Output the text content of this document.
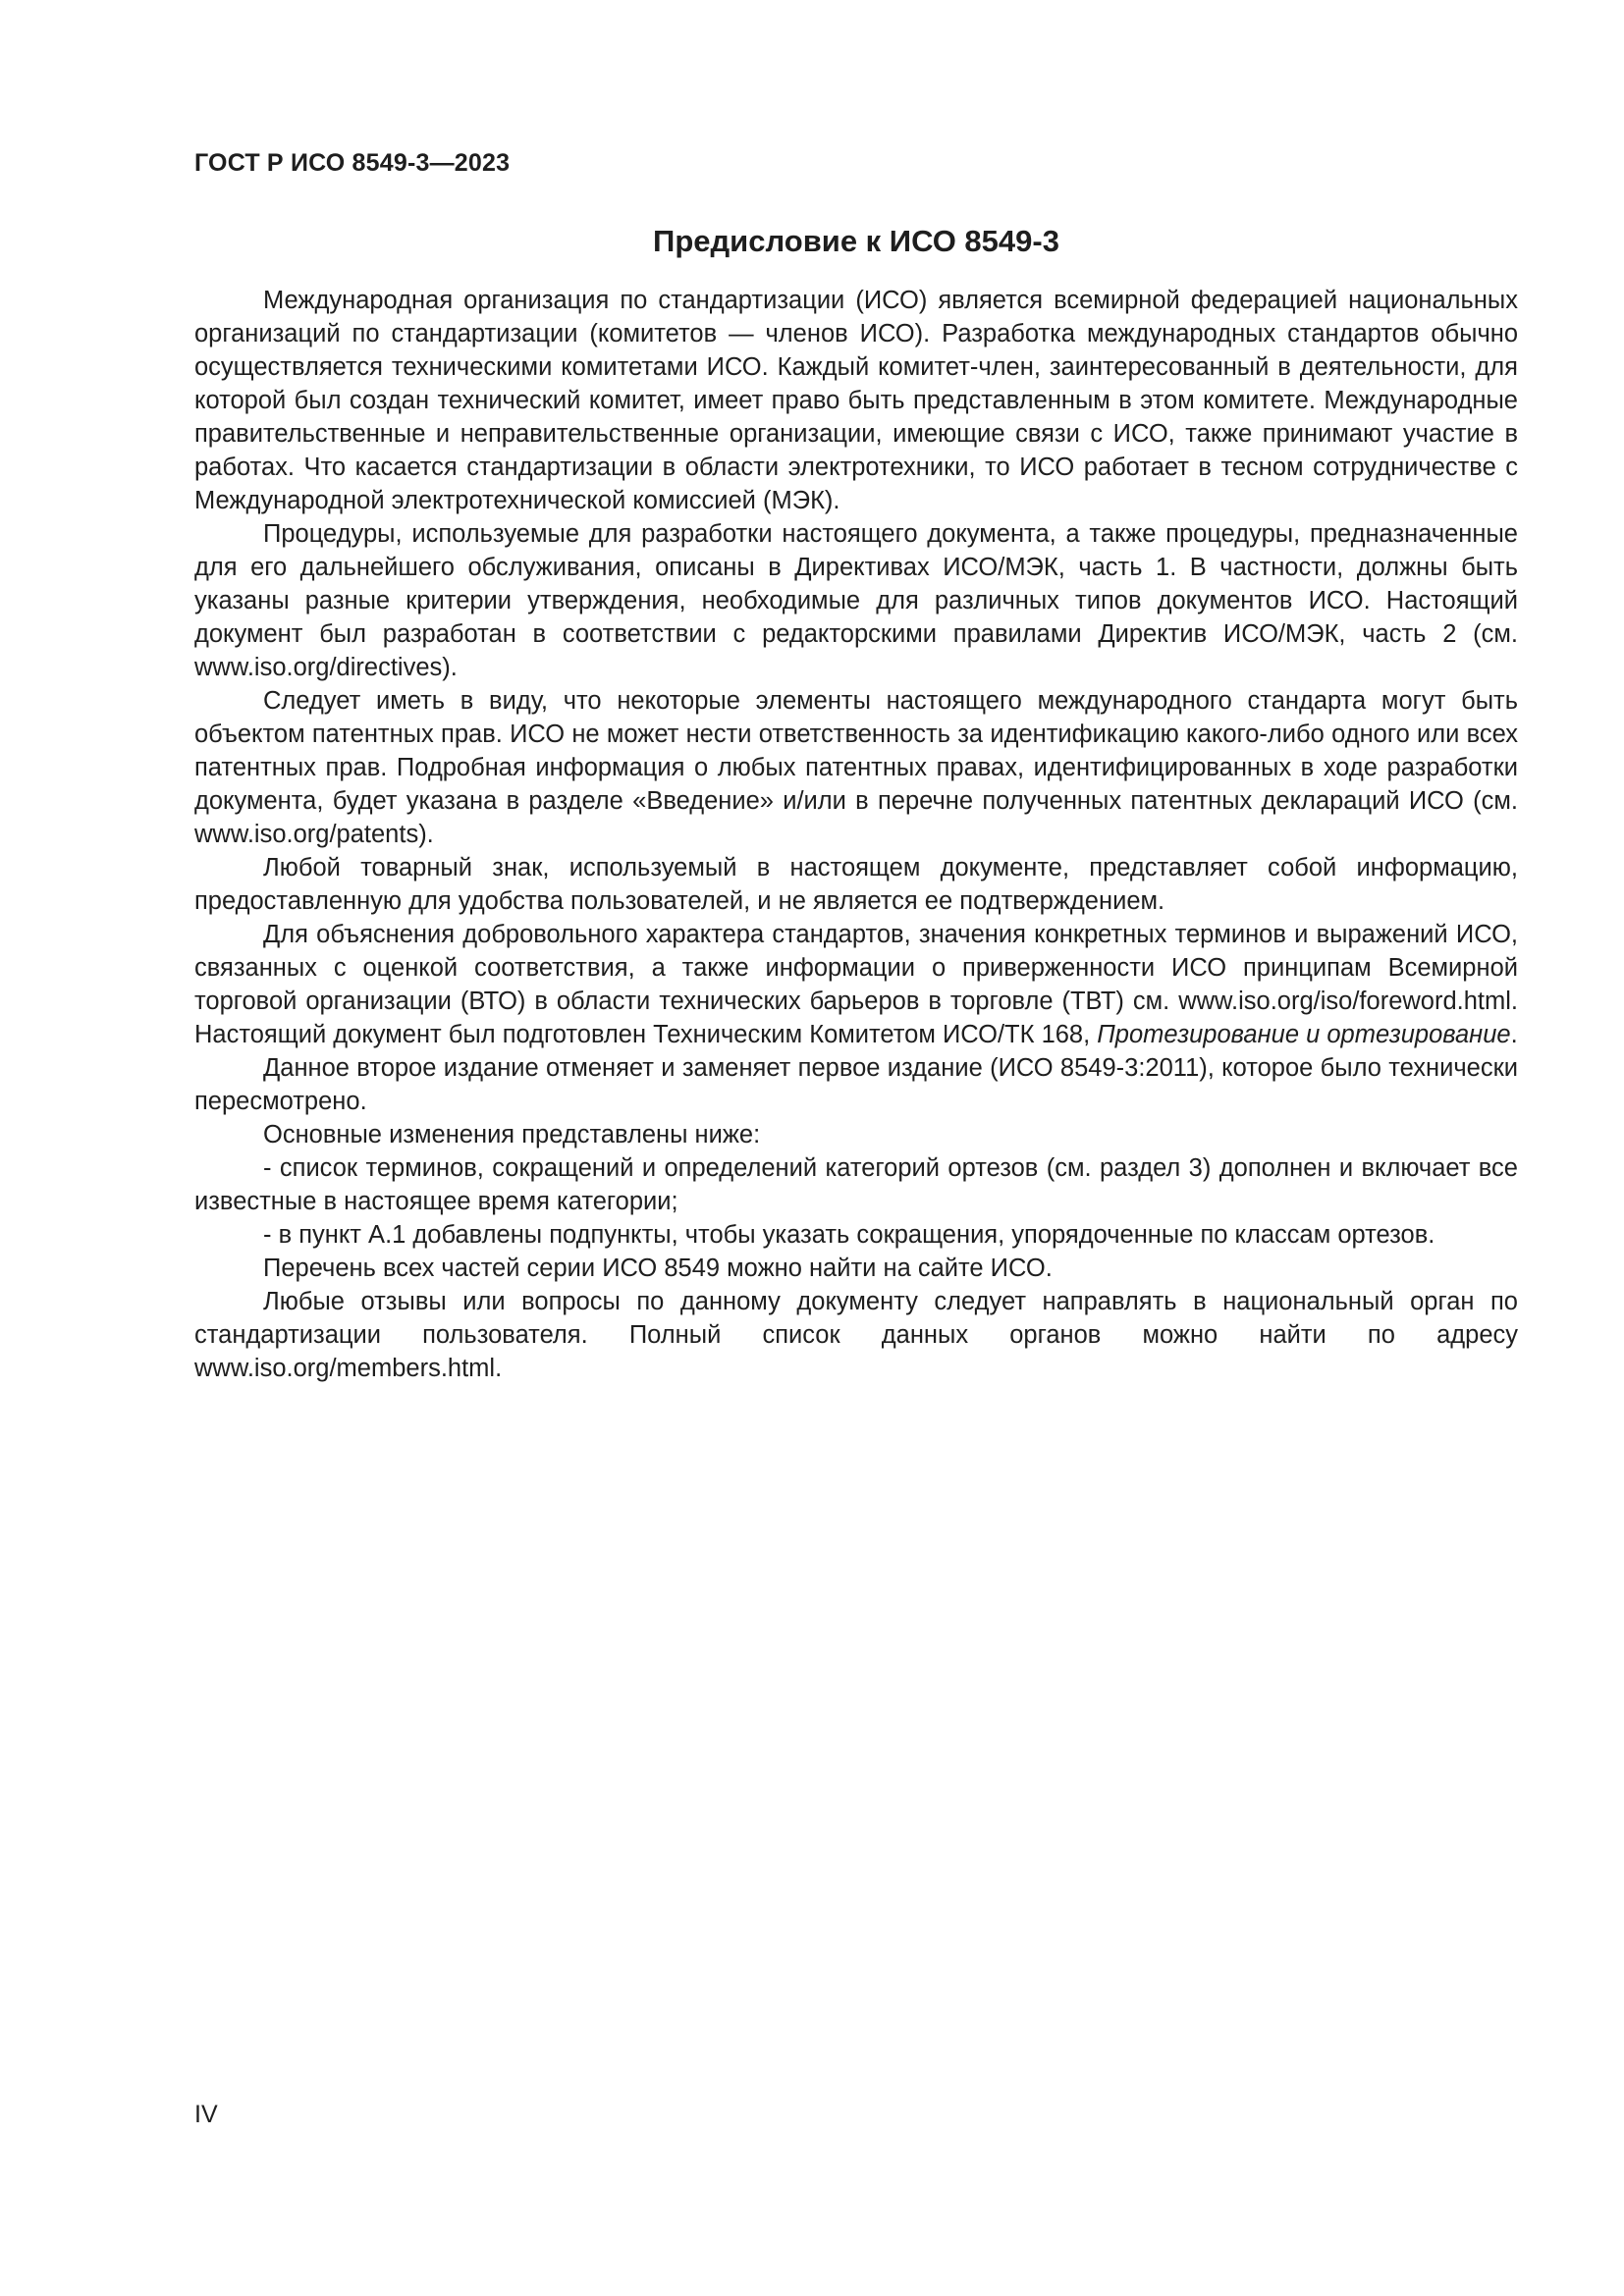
ГОСТ Р ИСО 8549-3—2023
Предисловие к ИСО 8549-3

Международная организация по стандартизации (ИСО) является всемирной федерацией национальных организаций по стандартизации (комитетов — членов ИСО). Разработка международных стандартов обычно осуществляется техническими комитетами ИСО. Каждый комитет-член, заинтересованный в деятельности, для которой был создан технический комитет, имеет право быть представленным в этом комитете. Международные правительственные и неправительственные организации, имеющие связи с ИСО, также принимают участие в работах. Что касается стандартизации в области электротехники, то ИСО работает в тесном сотрудничестве с Международной электротехнической комиссией (МЭК).

Процедуры, используемые для разработки настоящего документа, а также процедуры, предназначенные для его дальнейшего обслуживания, описаны в Директивах ИСО/МЭК, часть 1. В частности, должны быть указаны разные критерии утверждения, необходимые для различных типов документов ИСО. Настоящий документ был разработан в соответствии с редакторскими правилами Директив ИСО/МЭК, часть 2 (см. www.iso.org/directives).

Следует иметь в виду, что некоторые элементы настоящего международного стандарта могут быть объектом патентных прав. ИСО не может нести ответственность за идентификацию какого-либо одного или всех патентных прав. Подробная информация о любых патентных правах, идентифицированных в ходе разработки документа, будет указана в разделе «Введение» и/или в перечне полученных патентных деклараций ИСО (см. www.iso.org/patents).

Любой товарный знак, используемый в настоящем документе, представляет собой информацию, предоставленную для удобства пользователей, и не является ее подтверждением.

Для объяснения добровольного характера стандартов, значения конкретных терминов и выражений ИСО, связанных с оценкой соответствия, а также информации о приверженности ИСО принципам Всемирной торговой организации (ВТО) в области технических барьеров в торговле (ТВТ) см. www.iso.org/iso/foreword.html. Настоящий документ был подготовлен Техническим Комитетом ИСО/ТК 168, Протезирование и ортезирование.

Данное второе издание отменяет и заменяет первое издание (ИСО 8549-3:2011), которое было технически пересмотрено.

Основные изменения представлены ниже:

- список терминов, сокращений и определений категорий ортезов (см. раздел 3) дополнен и включает все известные в настоящее время категории;

- в пункт А.1 добавлены подпункты, чтобы указать сокращения, упорядоченные по классам ортезов.

Перечень всех частей серии ИСО 8549 можно найти на сайте ИСО.

Любые отзывы или вопросы по данному документу следует направлять в национальный орган по стандартизации пользователя. Полный список данных органов можно найти по адресу www.iso.org/members.html.

IV
